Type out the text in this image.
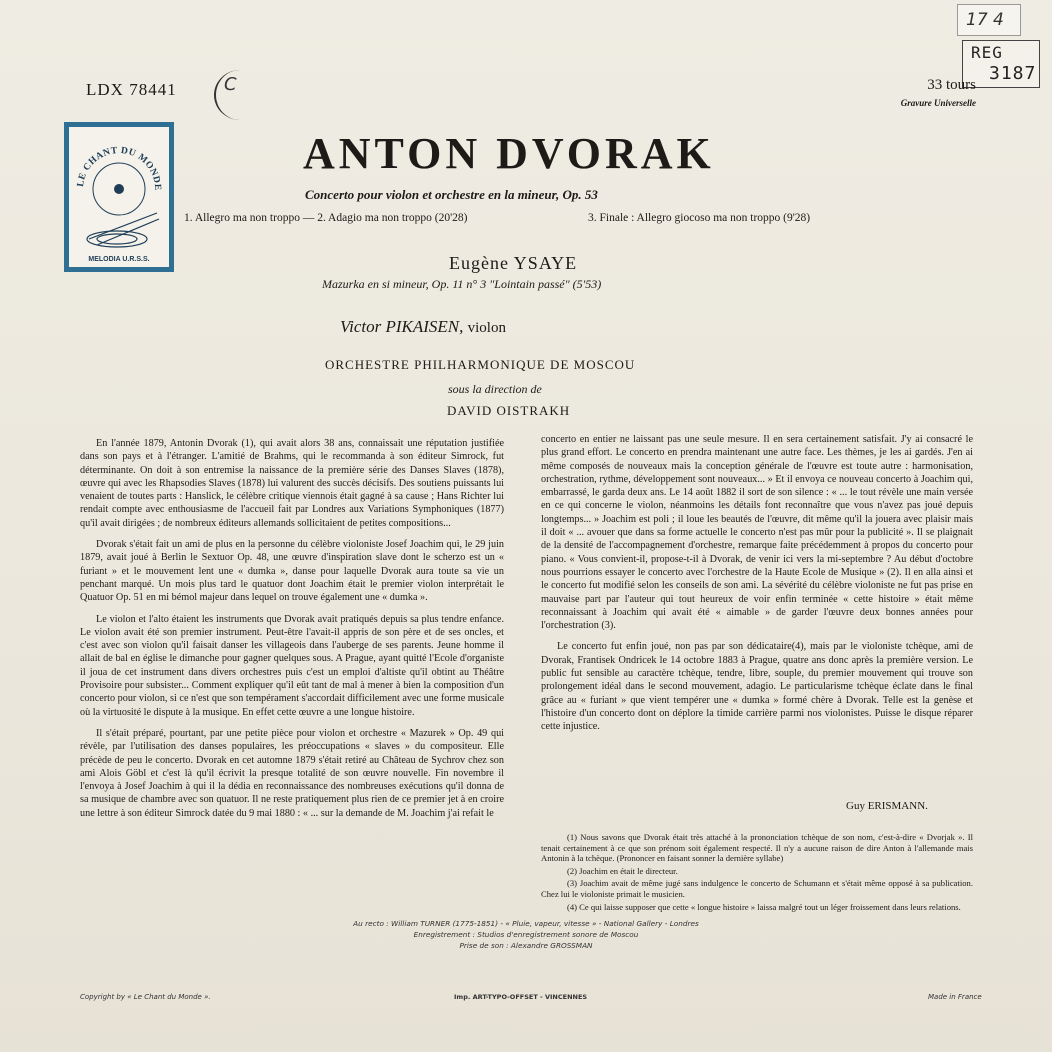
17 4
REG
3187
LDX 78441	C	33 tours
Gravure Universelle
LE CHANT DU MONDE
MELODIA U.R.S.S.
ANTON DVORAK
Concerto pour violon et orchestre en la mineur, Op. 53
1. Allegro ma non troppo — 2. Adagio ma non troppo (20'28)	3. Finale : Allegro giocoso ma non troppo (9'28)
Eugène YSAYE
Mazurka en si mineur, Op. 11 n° 3 "Lointain passé" (5'53)
Victor PIKAISEN, violon
ORCHESTRE PHILHARMONIQUE DE MOSCOU
sous la direction de
DAVID OISTRAKH

En l'année 1879, Antonin Dvorak (1), qui avait alors 38 ans, connaissait une réputation justifiée dans son pays et à l'étranger. L'amitié de Brahms, qui le recommanda à son éditeur Simrock, fut déterminante. On doit à son entremise la naissance de la première série des Danses Slaves (1878), œuvre qui avec les Rhapsodies Slaves (1878) lui valurent des succès décisifs. Des soutiens puissants lui venaient de toutes parts : Hanslick, le célèbre critique viennois était gagné à sa cause ; Hans Richter lui rendait compte avec enthousiasme de l'accueil fait par Londres aux Variations Symphoniques (1877) qu'il avait dirigées ; de nombreux éditeurs allemands sollicitaient de petites compositions...

Dvorak s'était fait un ami de plus en la personne du célèbre violoniste Josef Joachim qui, le 29 juin 1879, avait joué à Berlin le Sextuor Op. 48, une œuvre d'inspiration slave dont le scherzo est un « furiant » et le mouvement lent une « dumka », danse pour laquelle Dvorak aura toute sa vie un penchant marqué. Un mois plus tard le quatuor dont Joachim était le premier violon interprétait le Quatuor Op. 51 en mi bémol majeur dans lequel on trouve également une « dumka ».

Le violon et l'alto étaient les instruments que Dvorak avait pratiqués depuis sa plus tendre enfance. Le violon avait été son premier instrument. Peut-être l'avait-il appris de son père et de ses oncles, et c'est avec son violon qu'il faisait danser les villageois dans l'auberge de ses parents. Jeune homme il allait de bal en église le dimanche pour gagner quelques sous. A Prague, ayant quitté l'Ecole d'organiste il joua de cet instrument dans divers orchestres puis c'est un emploi d'altiste qu'il obtint au Théâtre Provisoire pour subsister... Comment expliquer qu'il eût tant de mal à mener à bien la composition d'un concerto pour violon, si ce n'est que son tempérament s'accordait difficilement avec une forme musicale où la virtuosité le dispute à la musique. En effet cette œuvre a une longue histoire.

Il s'était préparé, pourtant, par une petite pièce pour violon et orchestre « Mazurek » Op. 49 qui révèle, par l'utilisation des danses populaires, les préoccupations « slaves » du compositeur. Elle précède de peu le concerto. Dvorak en cet automne 1879 s'était retiré au Château de Sychrov chez son ami Alois Göbl et c'est là qu'il écrivit la presque totalité de son œuvre nouvelle. Fin novembre il l'envoya à Josef Joachim à qui il la dédia en reconnaissance des nombreuses exécutions qu'il donna de sa musique de chambre avec son quatuor. Il ne reste pratiquement plus rien de ce premier jet à en croire une lettre à son éditeur Simrock datée du 9 mai 1880 : « ... sur la demande de M. Joachim j'ai refait le

concerto en entier ne laissant pas une seule mesure. Il en sera certainement satisfait. J'y ai consacré le plus grand effort. Le concerto en prendra maintenant une autre face. Les thèmes, je les ai gardés. J'en ai même composés de nouveaux mais la conception générale de l'œuvre est toute autre : harmonisation, orchestration, rythme, développement sont nouveaux... » Et il envoya ce nouveau concerto à Joachim qui, embarrassé, le garda deux ans. Le 14 août 1882 il sort de son silence : « ... le tout révèle une main versée en ce qui concerne le violon, néanmoins les détails font reconnaître que vous n'avez pas joué depuis longtemps... » Joachim est poli ; il loue les beautés de l'œuvre, dit même qu'il la jouera avec plaisir mais il doit « ... avouer que dans sa forme actuelle le concerto n'est pas mûr pour la publicité ». Il se plaignait de la densité de l'accompagnement d'orchestre, remarque faite précédemment à propos du concerto pour piano. « Vous convient-il, propose-t-il à Dvorak, de venir ici vers la mi-septembre ? Au début d'octobre nous pourrions essayer le concerto avec l'orchestre de la Haute Ecole de Musique » (2). Il en alla ainsi et le concerto fut modifié selon les conseils de son ami. La sévérité du célèbre violoniste ne fut pas prise en mauvaise part par l'auteur qui tout heureux de voir enfin terminée « cette histoire » était même reconnaissant à Joachim qui avait été « aimable » de garder l'œuvre deux bonnes années pour l'orchestration (3).

Le concerto fut enfin joué, non pas par son dédicataire(4), mais par le violoniste tchèque, ami de Dvorak, Frantisek Ondricek le 14 octobre 1883 à Prague, quatre ans donc après la première version. Le public fut sensible au caractère tchèque, tendre, libre, souple, du premier mouvement qui trouve son prolongement idéal dans le second mouvement, adagio. Le particularisme tchèque éclate dans le final grâce au « furiant » que vient tempérer une « dumka » formé chère à Dvorak. Telle est la genèse et l'histoire d'un concerto dont on déplore la timide carrière parmi nos violonistes. Puisse le disque réparer cette injustice.

Guy ERISMANN.

(1) Nous savons que Dvorak était très attaché à la prononciation tchèque de son nom, c'est-à-dire « Dvorjak ». Il tenait certainement à ce que son prénom soit également respecté. Il n'y a aucune raison de dire Anton à l'allemande mais Antonin à la tchèque. (Prononcer en faisant sonner la dernière syllabe)

(2) Joachim en était le directeur.

(3) Joachim avait de même jugé sans indulgence le concerto de Schumann et s'était même opposé à sa publication. Chez lui le violoniste primait le musicien.

(4) Ce qui laisse supposer que cette « longue histoire » laissa malgré tout un léger froissement dans leurs relations.

Au recto : William TURNER (1775-1851) - « Pluie, vapeur, vitesse » - National Gallery - Londres
Enregistrement : Studios d'enregistrement sonore de Moscou
Prise de son : Alexandre GROSSMAN
Copyright by « Le Chant du Monde ».	Imp. ART-TYPO-OFFSET - VINCENNES	Made in France
